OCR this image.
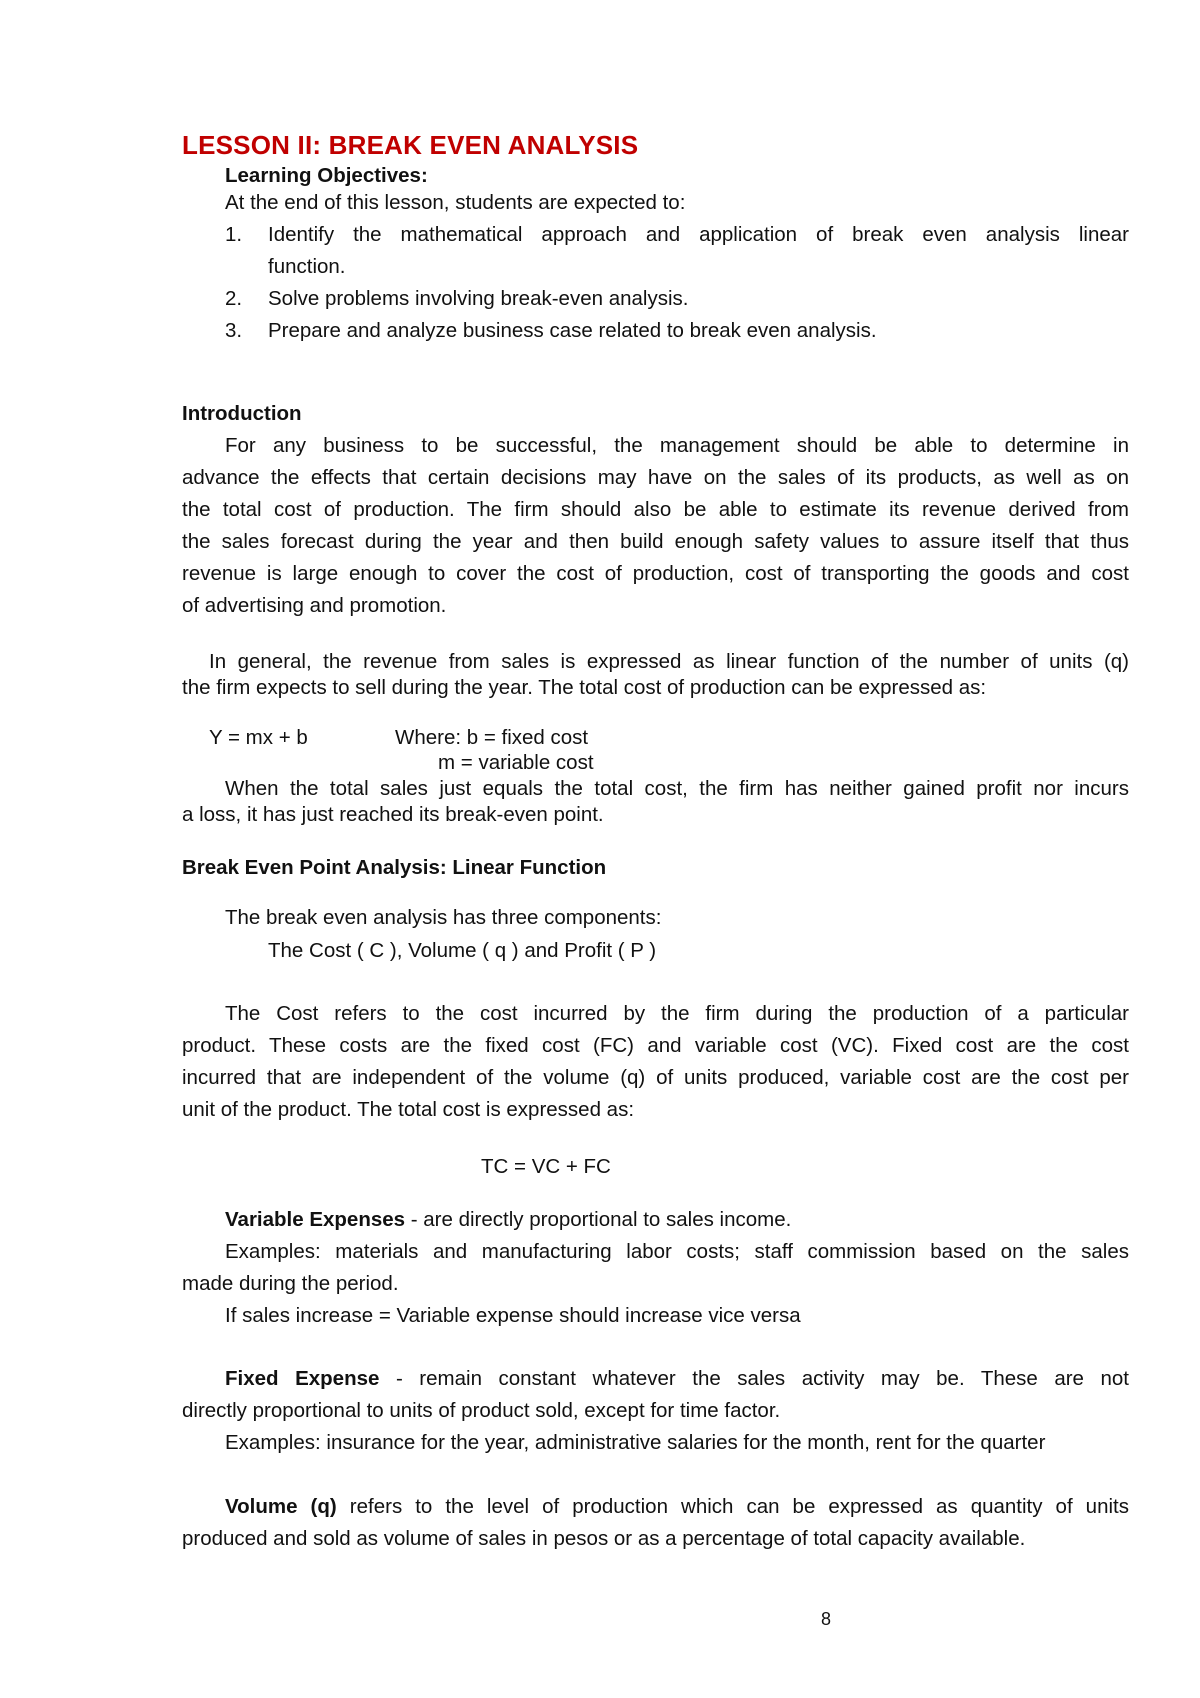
LESSON II: BREAK EVEN ANALYSIS
Learning Objectives:
At the end of this lesson, students are expected to:
1. Identify the mathematical approach and application of break even analysis linear
function.
2. Solve problems involving break-even analysis.
3. Prepare and analyze business case related to break even analysis.
Introduction
For any business to be successful, the management should be able to determine in
advance the effects that certain decisions may have on the sales of its products, as well as on
the total cost of production. The firm should also be able to estimate its revenue derived from
the sales forecast during the year and then build enough safety values to assure itself that thus
revenue is large enough to cover the cost of production, cost of transporting the goods and cost
of advertising and promotion.
In general, the revenue from sales is expressed as linear function of the number of units (q)
the firm expects to sell during the year. The total cost of production can be expressed as:
Y = mx + b	Where: b = fixed cost
m = variable cost
When the total sales just equals the total cost, the firm has neither gained profit nor incurs
a loss, it has just reached its break-even point.
Break Even Point Analysis: Linear Function
The break even analysis has three components:
The Cost ( C ), Volume ( q ) and Profit ( P )
The Cost refers to the cost incurred by the firm during the production of a particular
product. These costs are the fixed cost (FC) and variable cost (VC). Fixed cost are the cost
incurred that are independent of the volume (q) of units produced, variable cost are the cost per
unit of the product. The total cost is expressed as:
TC = VC + FC
Variable Expenses - are directly proportional to sales income.
Examples: materials and manufacturing labor costs; staff commission based on the sales
made during the period.
If sales increase = Variable expense should increase vice versa
Fixed Expense - remain constant whatever the sales activity may be. These are not
directly proportional to units of product sold, except for time factor.
Examples: insurance for the year, administrative salaries for the month, rent for the quarter
Volume (q) refers to the level of production which can be expressed as quantity of units
produced and sold as volume of sales in pesos or as a percentage of total capacity available.
8
